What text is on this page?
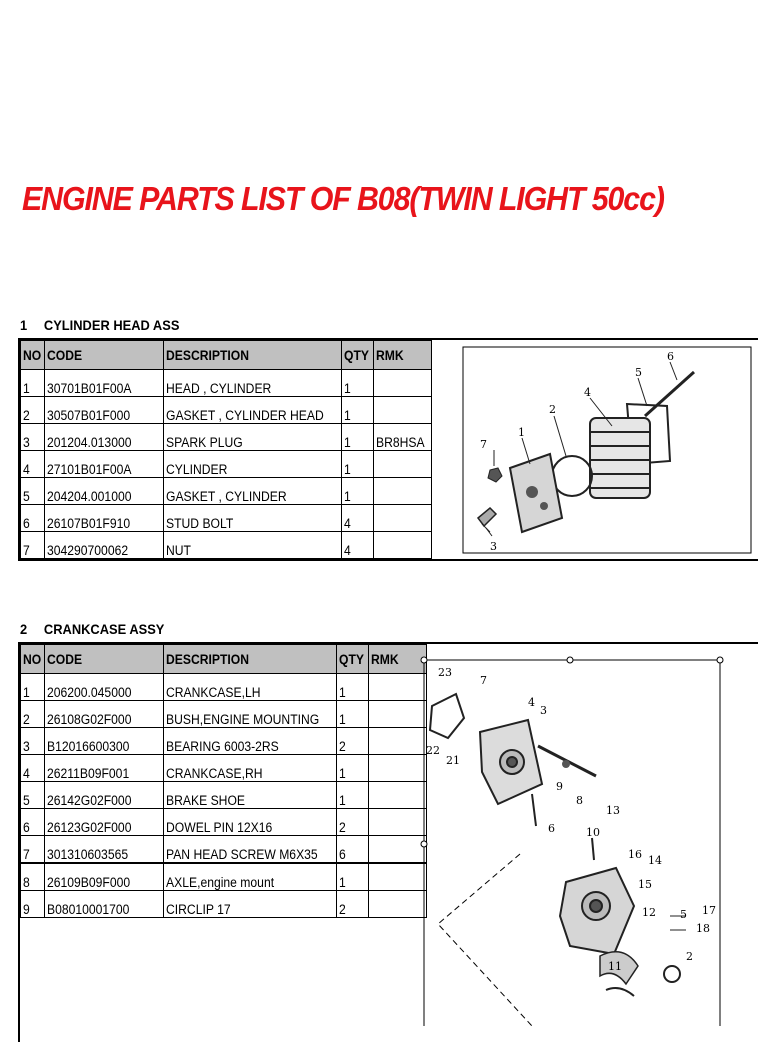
ENGINE PARTS LIST OF B08(TWIN LIGHT 50cc)
1 CYLINDER HEAD ASS
NO	CODE	DESCRIPTION	QTY	RMK
1	30701B01F00A	HEAD , CYLINDER	1	
2	30507B01F000	GASKET , CYLINDER HEAD	1	
3	201204.013000	SPARK PLUG	1	BR8HSA
4	27101B01F00A	CYLINDER	1	
5	204204.001000	GASKET , CYLINDER	1	
6	26107B01F910	STUD BOLT	4	
7	304290700062	NUT	4	
1
2
3
4
5
6
7
2 CRANKCASE ASSY
NO	CODE	DESCRIPTION	QTY	RMK
1	206200.045000	CRANKCASE,LH	1	
2	26108G02F000	BUSH,ENGINE MOUNTING	1	
3	B12016600300	BEARING 6003-2RS	2	
4	26211B09F001	CRANKCASE,RH	1	
5	26142G02F000	BRAKE SHOE	1	
6	26123G02F000	DOWEL PIN 12X16	2	
7	301310603565	PAN HEAD SCREW M6X35	6	
8	26109B09F000	AXLE,engine mount	1	
9	B08010001700	CIRCLIP 17	2	
23
7
4
3
22
21
9
8
6
13
10
16 14
15
12 5 17
18
11
2
